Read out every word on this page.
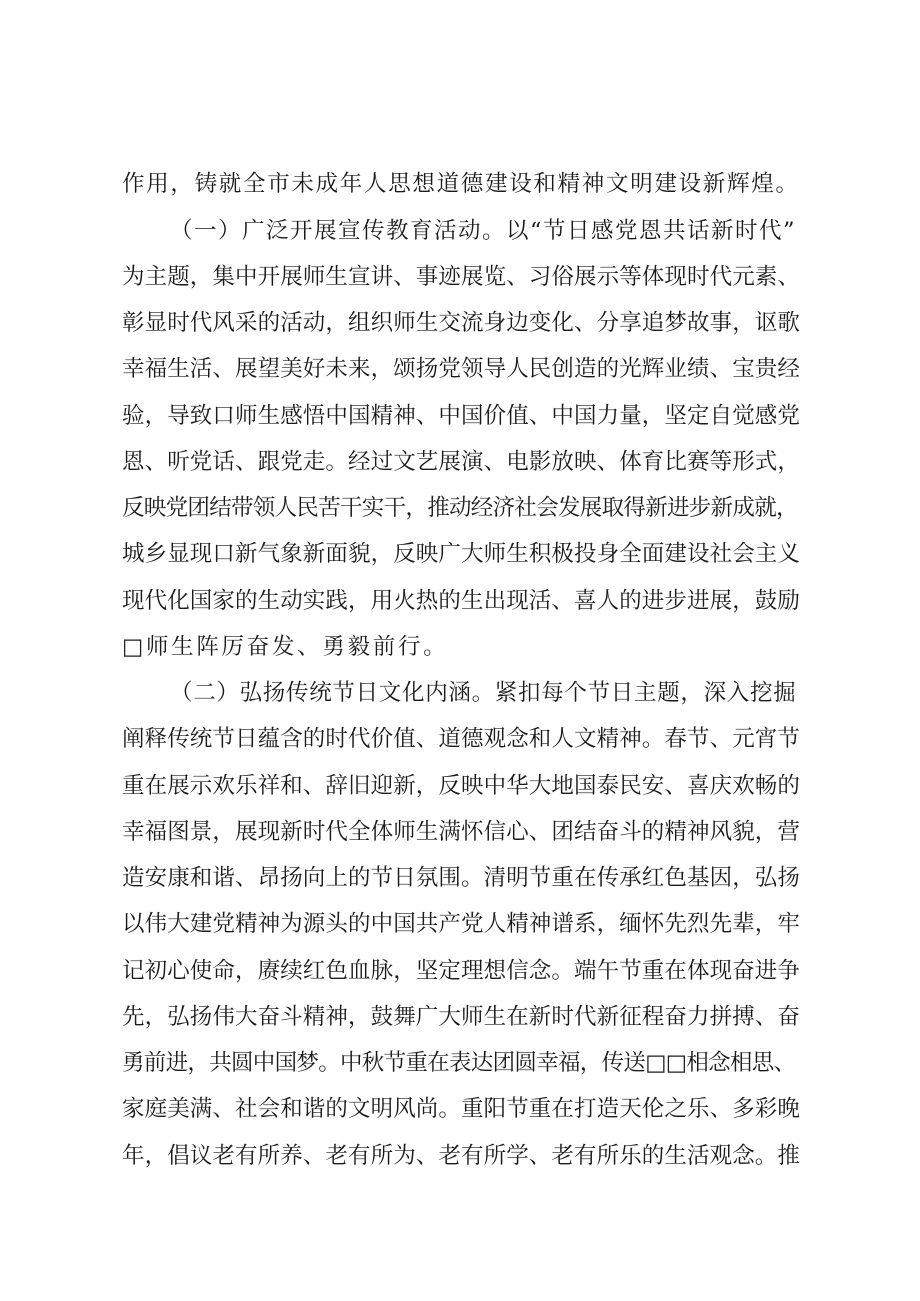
作用，铸就全市未成年人思想道德建设和精神文明建设新辉煌。
（一）广泛开展宣传教育活动。以“节日感党恩共话新时代”
为主题，集中开展师生宣讲、事迹展览、习俗展示等体现时代元素、
彰显时代风采的活动，组织师生交流身边变化、分享追梦故事，讴歌
幸福生活、展望美好未来，颂扬党领导人民创造的光辉业绩、宝贵经
验，导致口师生感悟中国精神、中国价值、中国力量，坚定自觉感党
恩、听党话、跟党走。经过文艺展演、电影放映、体育比赛等形式，
反映党团结带领人民苦干实干，推动经济社会发展取得新进步新成就，
城乡显现口新气象新面貌，反映广大师生积极投身全面建设社会主义
现代化国家的生动实践，用火热的生出现活、喜人的进步进展，鼓励
□师生阵厉奋发、勇毅前行。
（二）弘扬传统节日文化内涵。紧扣每个节日主题，深入挖掘
阐释传统节日蕴含的时代价值、道德观念和人文精神。春节、元宵节
重在展示欢乐祥和、辞旧迎新，反映中华大地国泰民安、喜庆欢畅的
幸福图景，展现新时代全体师生满怀信心、团结奋斗的精神风貌，营
造安康和谐、昂扬向上的节日氛围。清明节重在传承红色基因，弘扬
以伟大建党精神为源头的中国共产党人精神谱系，缅怀先烈先辈，牢
记初心使命，赓续红色血脉，坚定理想信念。端午节重在体现奋进争
先，弘扬伟大奋斗精神，鼓舞广大师生在新时代新征程奋力拼搏、奋
勇前进，共圆中国梦。中秋节重在表达团圆幸福，传送□□相念相思、
家庭美满、社会和谐的文明风尚。重阳节重在打造天伦之乐、多彩晚
年，倡议老有所养、老有所为、老有所学、老有所乐的生活观念。推
